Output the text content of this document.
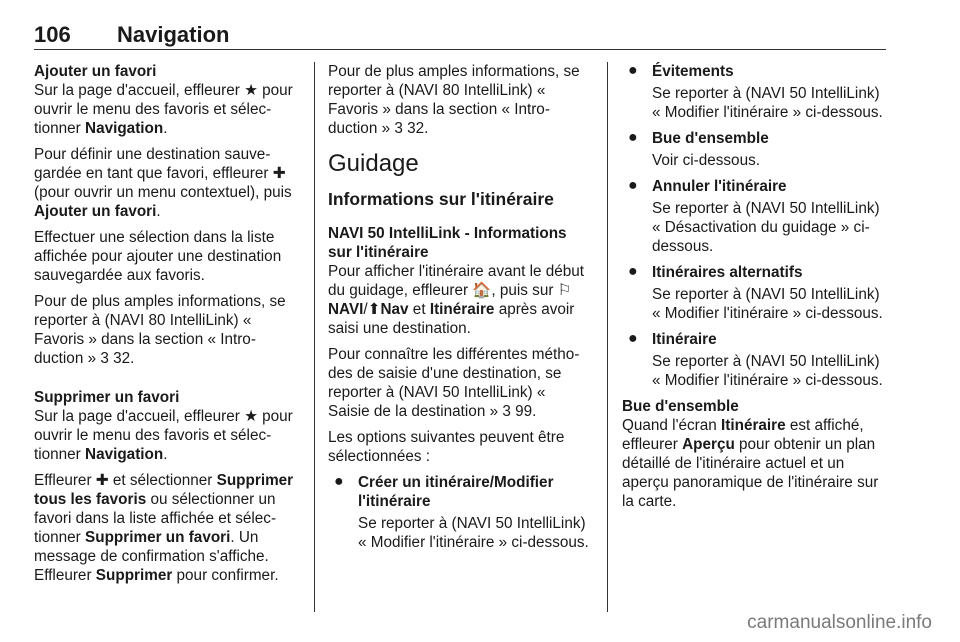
106 Navigation

Ajouter un favori

Sur la page d'accueil, effleurer ★ pour ouvrir le menu des favoris et sélectionner Navigation.

Pour définir une destination sauvegardée en tant que favori, effleurer ✚ (pour ouvrir un menu contextuel), puis Ajouter un favori.

Effectuer une sélection dans la liste affichée pour ajouter une destination sauvegardée aux favoris.

Pour de plus amples informations, se reporter à (NAVI 80 IntelliLink) « Favoris » dans la section « Introduction » 3 32.

Supprimer un favori

Sur la page d'accueil, effleurer ★ pour ouvrir le menu des favoris et sélectionner Navigation.

Effleurer ✚ et sélectionner Supprimer tous les favoris ou sélectionner un favori dans la liste affichée et sélectionner Supprimer un favori. Un message de confirmation s'affiche. Effleurer Supprimer pour confirmer.

Pour de plus amples informations, se reporter à (NAVI 80 IntelliLink) « Favoris » dans la section « Introduction » 3 32.

Guidage
Informations sur l'itinéraire

NAVI 50 IntelliLink - Informations sur l'itinéraire

Pour afficher l'itinéraire avant le début du guidage, effleurer 🏠, puis sur ⚐NAVI/⬆Nav et Itinéraire après avoir saisi une destination.

Pour connaître les différentes méthodes de saisie d'une destination, se reporter à (NAVI 50 IntelliLink) « Saisie de la destination » 3 99.

Les options suivantes peuvent être sélectionnées :

● Créer un itinéraire/Modifier l'itinéraire
Se reporter à (NAVI 50 IntelliLink) « Modifier l'itinéraire » ci-dessous.
● Évitements
Se reporter à (NAVI 50 IntelliLink) « Modifier l'itinéraire » ci-dessous.
● Bue d'ensemble
Voir ci-dessous.
● Annuler l'itinéraire
Se reporter à (NAVI 50 IntelliLink) « Désactivation du guidage » ci-dessous.
● Itinéraires alternatifs
Se reporter à (NAVI 50 IntelliLink) « Modifier l'itinéraire » ci-dessous.
● Itinéraire
Se reporter à (NAVI 50 IntelliLink) « Modifier l'itinéraire » ci-dessous.

Bue d'ensemble

Quand l'écran Itinéraire est affiché, effleurer Aperçu pour obtenir un plan détaillé de l'itinéraire actuel et un aperçu panoramique de l'itinéraire sur la carte.

carmanualsonline.info
